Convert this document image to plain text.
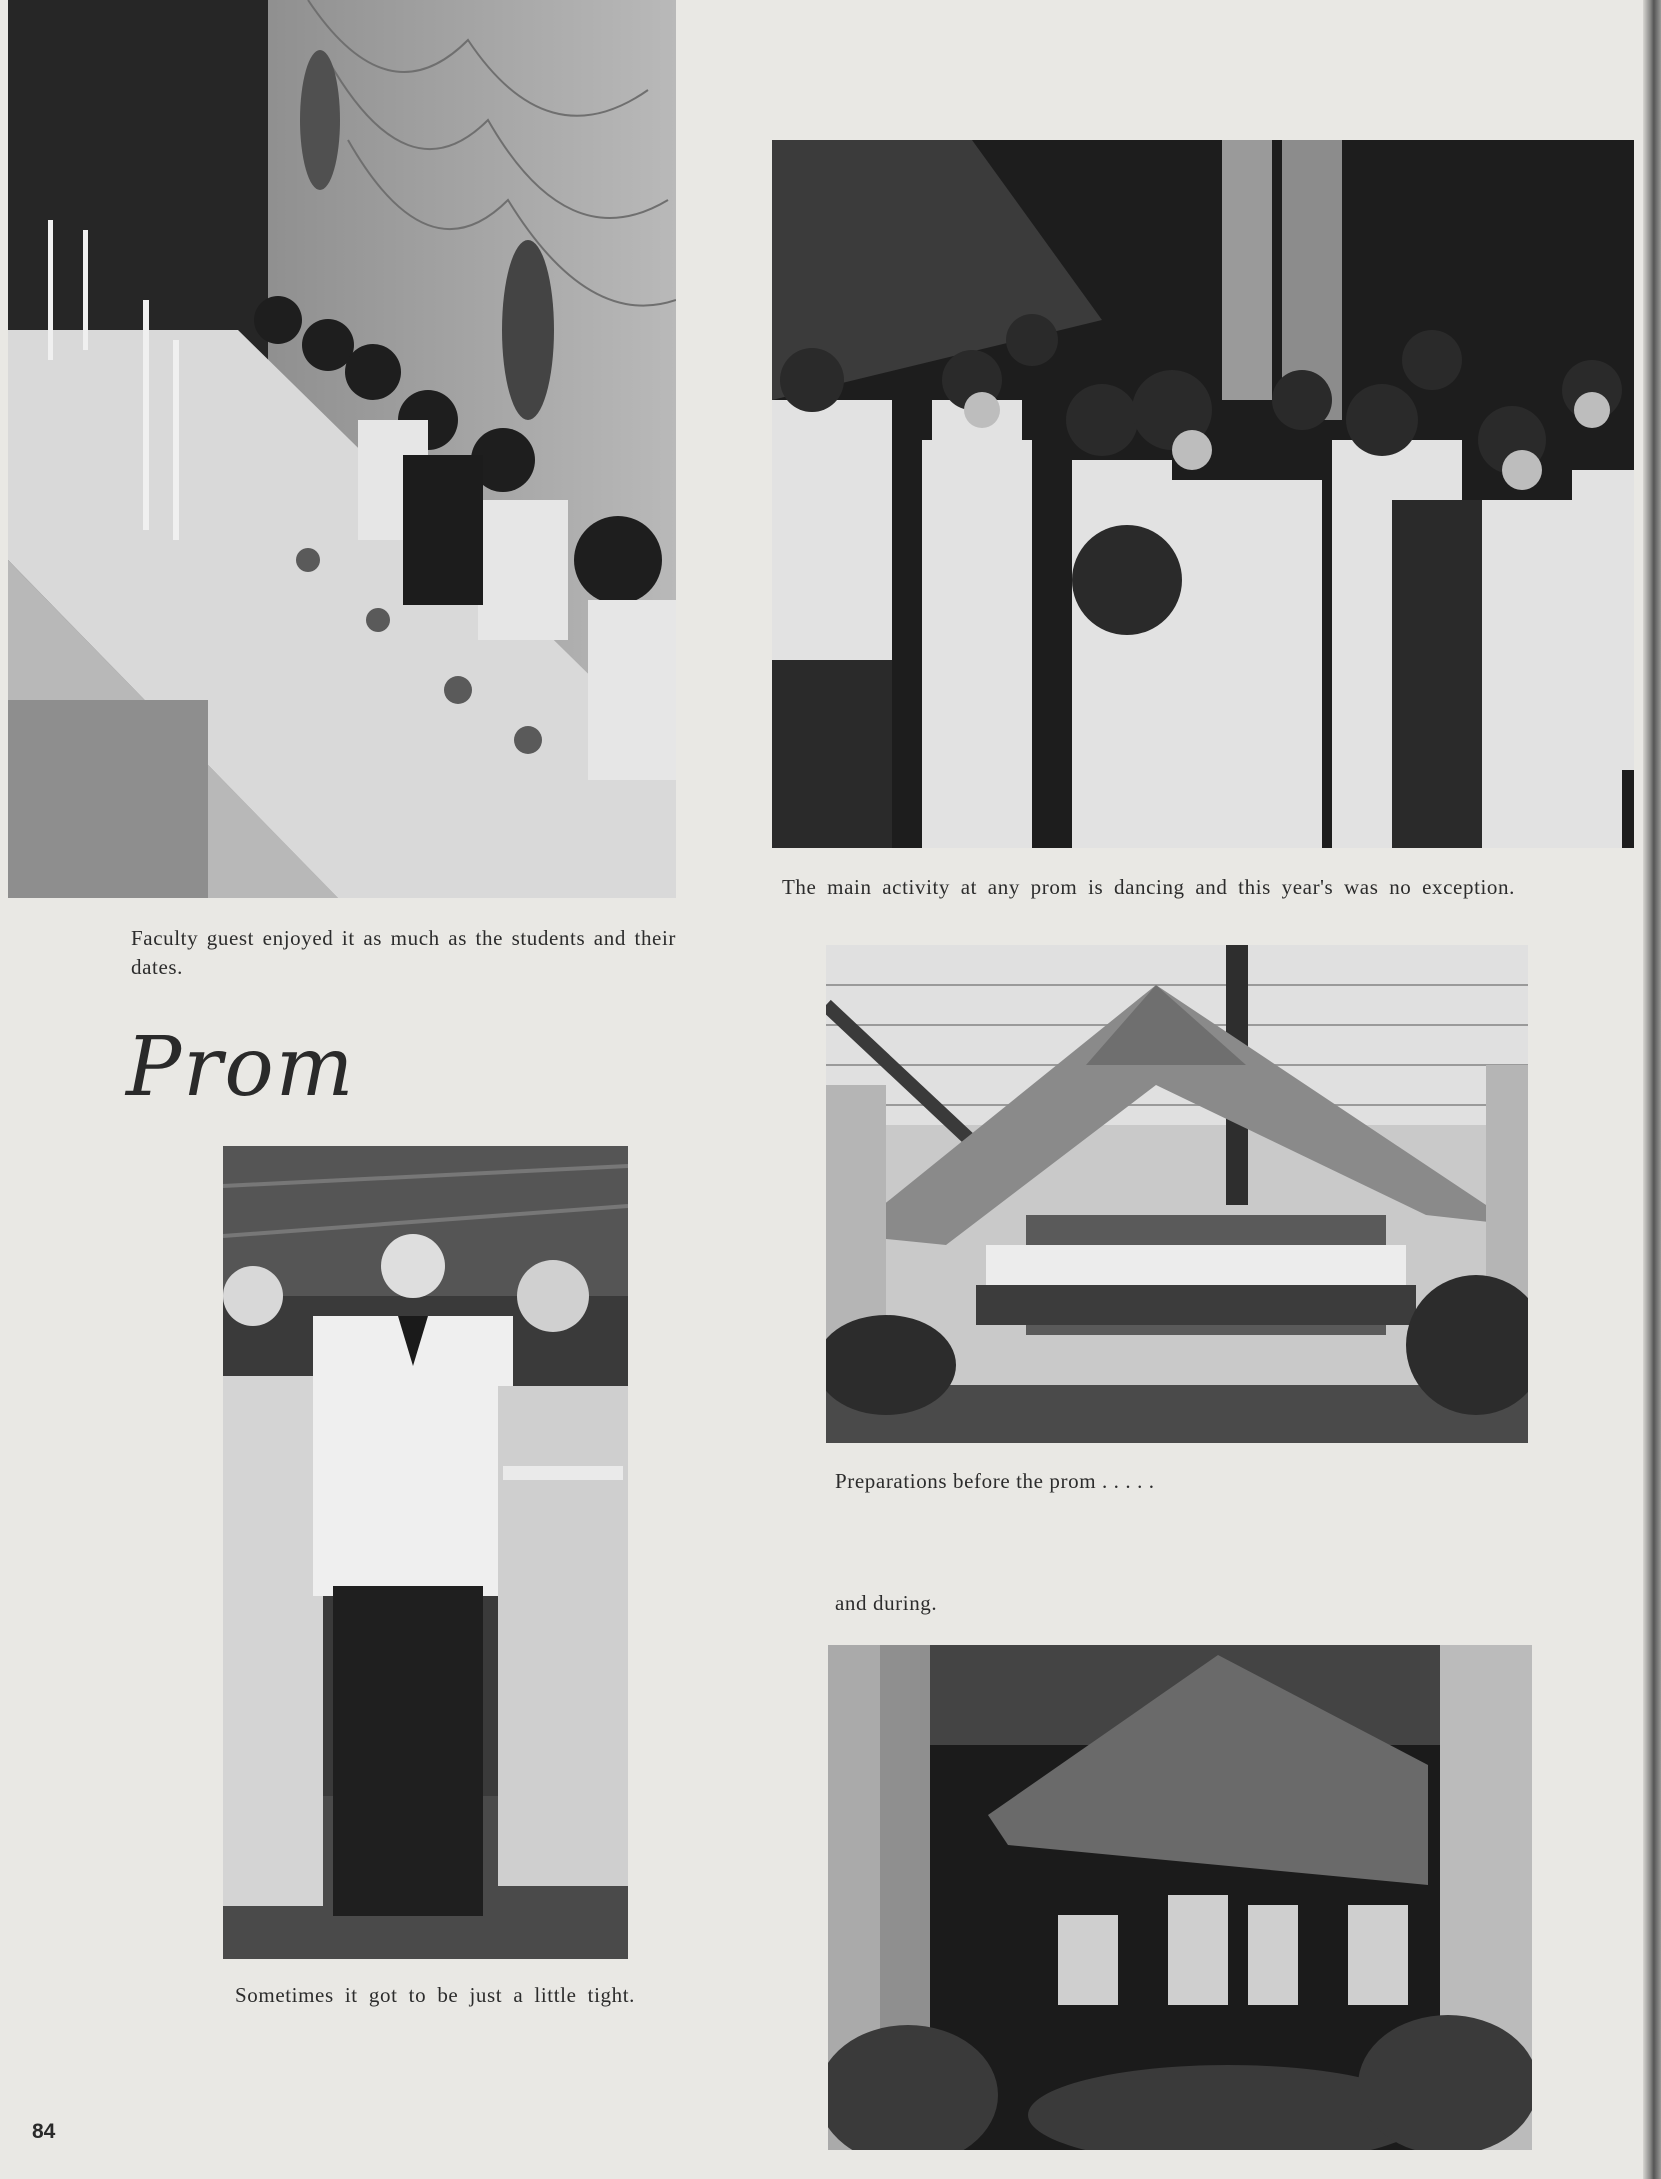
Faculty guest enjoyed it as much as the students and their dates.
Prom
The main activity at any prom is dancing and this year's was no exception.
Preparations before the prom . . . . .
and during.
Sometimes it got to be just a little tight.
84
